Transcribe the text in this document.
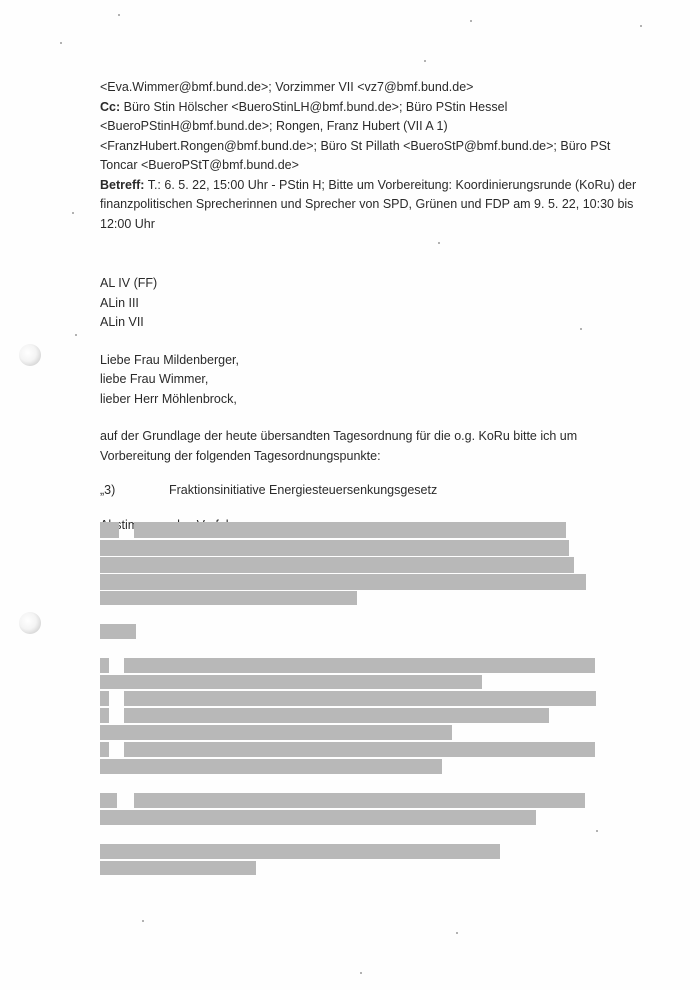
<Eva.Wimmer@bmf.bund.de>; Vorzimmer VII <vz7@bmf.bund.de>
Cc: Büro Stin Hölscher <BueroStinLH@bmf.bund.de>; Büro PStin Hessel
<BueroPStinH@bmf.bund.de>; Rongen, Franz Hubert (VII A 1)
<FranzHubert.Rongen@bmf.bund.de>; Büro St Pillath <BueroStP@bmf.bund.de>; Büro PSt
Toncar <BueroPStT@bmf.bund.de>
Betreff: T.: 6. 5. 22, 15:00 Uhr - PStin H; Bitte um Vorbereitung: Koordinierungsrunde (KoRu) der
finanzpolitischen Sprecherinnen und Sprecher von SPD, Grünen und FDP am 9. 5. 22, 10:30 bis
12:00 Uhr
AL IV (FF)
ALin III
ALin VII
Liebe Frau Mildenberger,
liebe Frau Wimmer,
lieber Herr Möhlenbrock,
auf der Grundlage der heute übersandten Tagesordnung für die o.g. KoRu bitte ich um
Vorbereitung der folgenden Tagesordnungspunkte:
„3)	Fraktionsinitiative Energiesteuersenkungsgesetz
